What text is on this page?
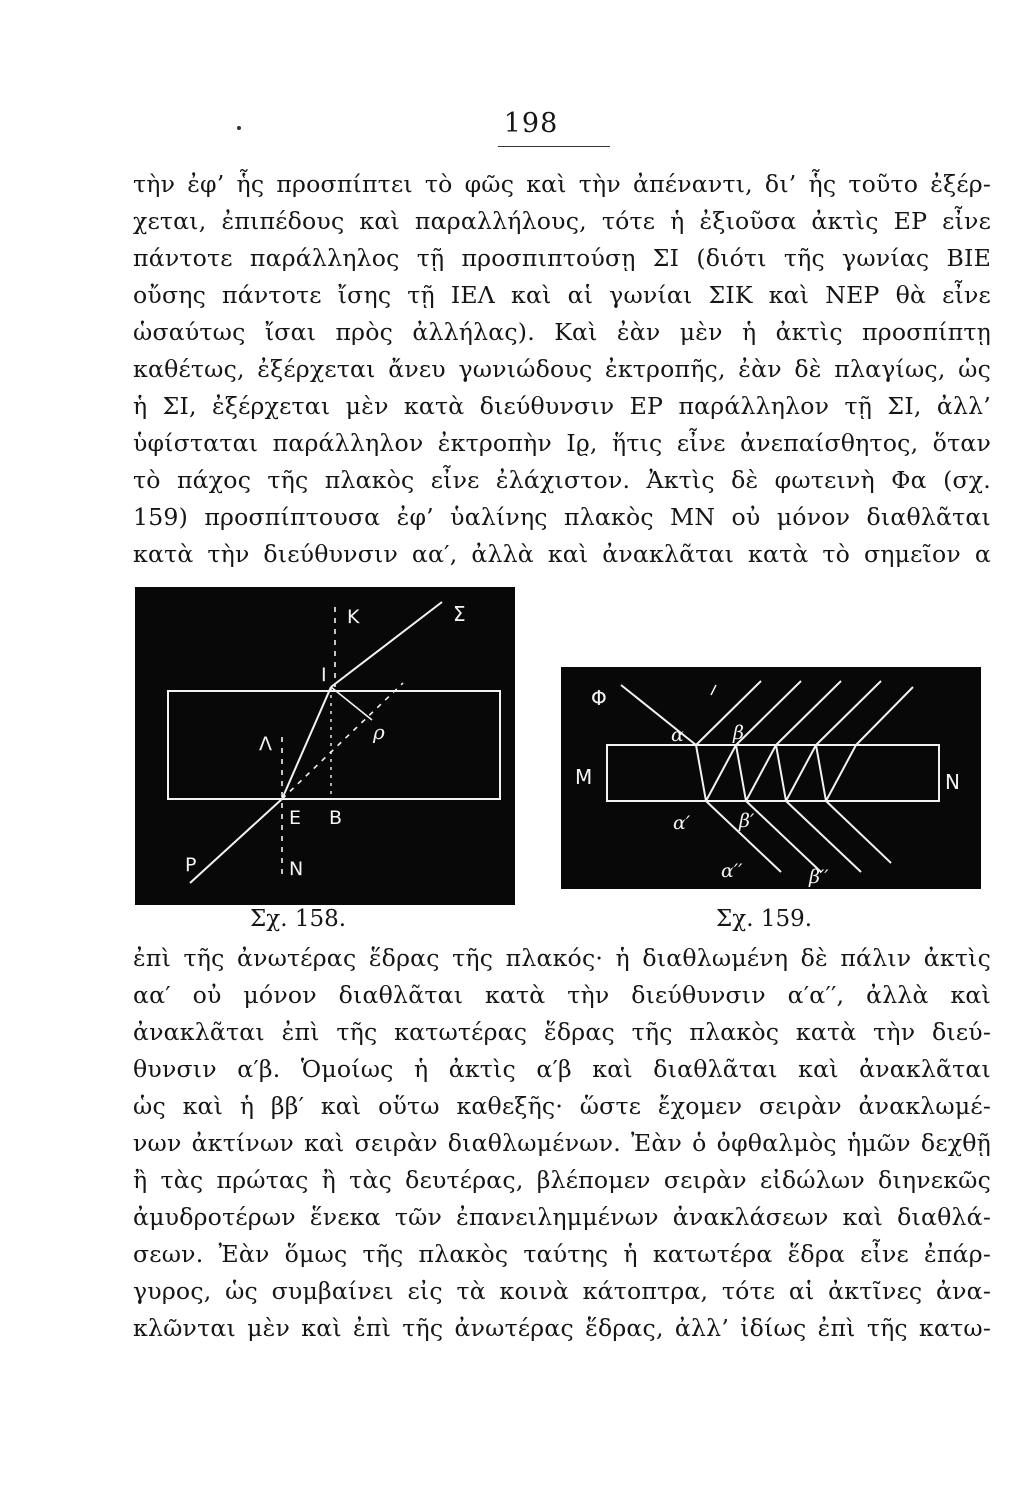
198
τὴν ἐφ’ ἧς προσπίπτει τὸ φῶς καὶ τὴν ἀπέναντι, δι’ ἧς τοῦτο ἐξέρ-
χεται, ἐπιπέδους καὶ παραλλήλους, τότε ἡ ἐξιοῦσα ἀκτὶς ΕΡ εἶνε
πάντοτε παράλληλος τῇ προσπιπτούσῃ ΣΙ (διότι τῆς γωνίας ΒΙΕ
οὔσης πάντοτε ἴσης τῇ ΙΕΛ καὶ αἱ γωνίαι ΣΙΚ καὶ ΝΕΡ θὰ εἶνε
ὡσαύτως ἴσαι πρὸς ἀλλήλας). Καὶ ἐὰν μὲν ἡ ἀκτὶς προσπίπτῃ
καθέτως, ἐξέρχεται ἄνευ γωνιώδους ἐκτροπῆς, ἐὰν δὲ πλαγίως, ὡς
ἡ ΣΙ, ἐξέρχεται μὲν κατὰ διεύθυνσιν ΕΡ παράλληλον τῇ ΣΙ, ἀλλ’
ὑφίσταται παράλληλον ἐκτροπὴν Ιϱ, ἥτις εἶνε ἀνεπαίσθητος, ὅταν
τὸ πάχος τῆς πλακὸς εἶνε ἐλάχιστον. Ἀκτὶς δὲ φωτεινὴ Φα (σχ.
159) προσπίπτουσα ἐφ’ ὑαλίνης πλακὸς ΜΝ οὐ μόνον διαθλᾶται
κατὰ τὴν διεύθυνσιν αα′, ἀλλὰ καὶ ἀνακλᾶται κατὰ τὸ σημεῖον α
Κ	Σ
Ι
ρ
Λ
Ε Β
Ρ	Ν
Σχ. 158.
Φ
α	β
Μ	Ν
α′	β′
α′′	β′′
Σχ. 159.
ἐπὶ τῆς ἀνωτέρας ἕδρας τῆς πλακός· ἡ διαθλωμένη δὲ πάλιν ἀκτὶς
αα′ οὐ μόνον διαθλᾶται κατὰ τὴν διεύθυνσιν α′α′′, ἀλλὰ καὶ
ἀνακλᾶται ἐπὶ τῆς κατωτέρας ἕδρας τῆς πλακὸς κατὰ τὴν διεύ-
θυνσιν α′β. Ὁμοίως ἡ ἀκτὶς α′β καὶ διαθλᾶται καὶ ἀνακλᾶται
ὡς καὶ ἡ ββ′ καὶ οὕτω καθεξῆς· ὥστε ἔχομεν σειρὰν ἀνακλωμέ-
νων ἀκτίνων καὶ σειρὰν διαθλωμένων. Ἐὰν ὁ ὀφθαλμὸς ἡμῶν δεχθῇ
ἢ τὰς πρώτας ἢ τὰς δευτέρας, βλέπομεν σειρὰν εἰδώλων διηνεκῶς
ἀμυδροτέρων ἕνεκα τῶν ἐπανειλημμένων ἀνακλάσεων καὶ διαθλά-
σεων. Ἐὰν ὅμως τῆς πλακὸς ταύτης ἡ κατωτέρα ἕδρα εἶνε ἐπάρ-
γυρος, ὡς συμβαίνει εἰς τὰ κοινὰ κάτοπτρα, τότε αἱ ἀκτῖνες ἀνα-
κλῶνται μὲν καὶ ἐπὶ τῆς ἀνωτέρας ἕδρας, ἀλλ’ ἰδίως ἐπὶ τῆς κατω-
